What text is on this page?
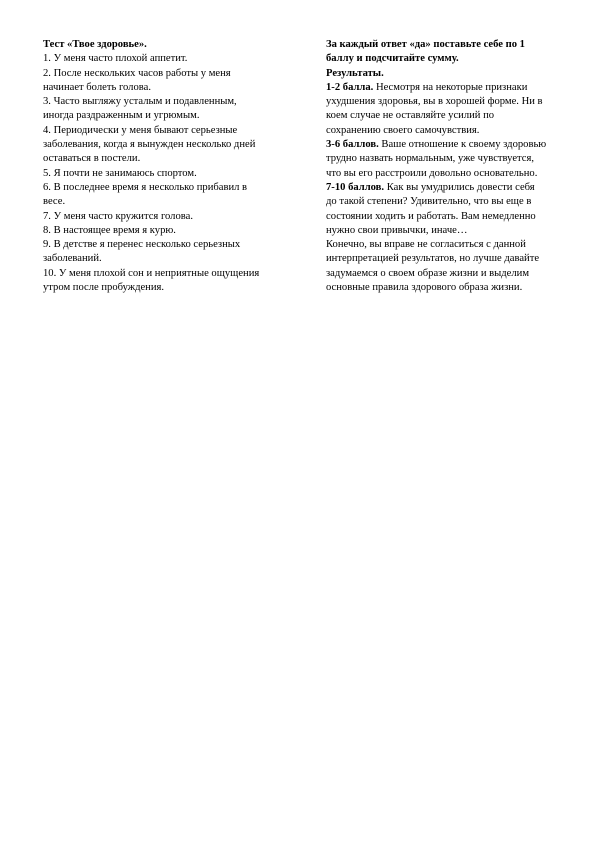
Тест «Твое здоровье».
1. У меня часто плохой аппетит.
2. После нескольких часов работы у меня
начинает болеть голова.
3. Часто выгляжу усталым и подавленным,
иногда раздраженным и угрюмым.
4. Периодически у меня бывают серьезные
заболевания, когда я вынужден несколько дней
оставаться в постели.
5. Я почти не занимаюсь спортом.
6. В последнее время я несколько прибавил в
весе.
7. У меня часто кружится голова.
8. В настоящее время я курю.
9. В детстве я перенес несколько серьезных
заболеваний.
10. У меня плохой сон и неприятные ощущения
утром после пробуждения.
За каждый ответ «да» поставьте себе по 1
баллу и подсчитайте сумму.
Результаты.
1-2 балла. Несмотря на некоторые признаки
ухудшения здоровья, вы в хорошей форме. Ни в
коем случае не оставляйте усилий по
сохранению своего самочувствия.
3-6 баллов. Ваше отношение к своему здоровью
трудно назвать нормальным, уже чувствуется,
что вы его расстроили довольно основательно.
7-10 баллов. Как вы умудрились довести себя
до такой степени? Удивительно, что вы еще в
состоянии ходить и работать. Вам немедленно
нужно свои привычки, иначе…
Конечно, вы вправе не согласиться с данной
интерпретацией результатов, но лучше давайте
задумаемся о своем образе жизни и выделим
основные правила здорового образа жизни.
